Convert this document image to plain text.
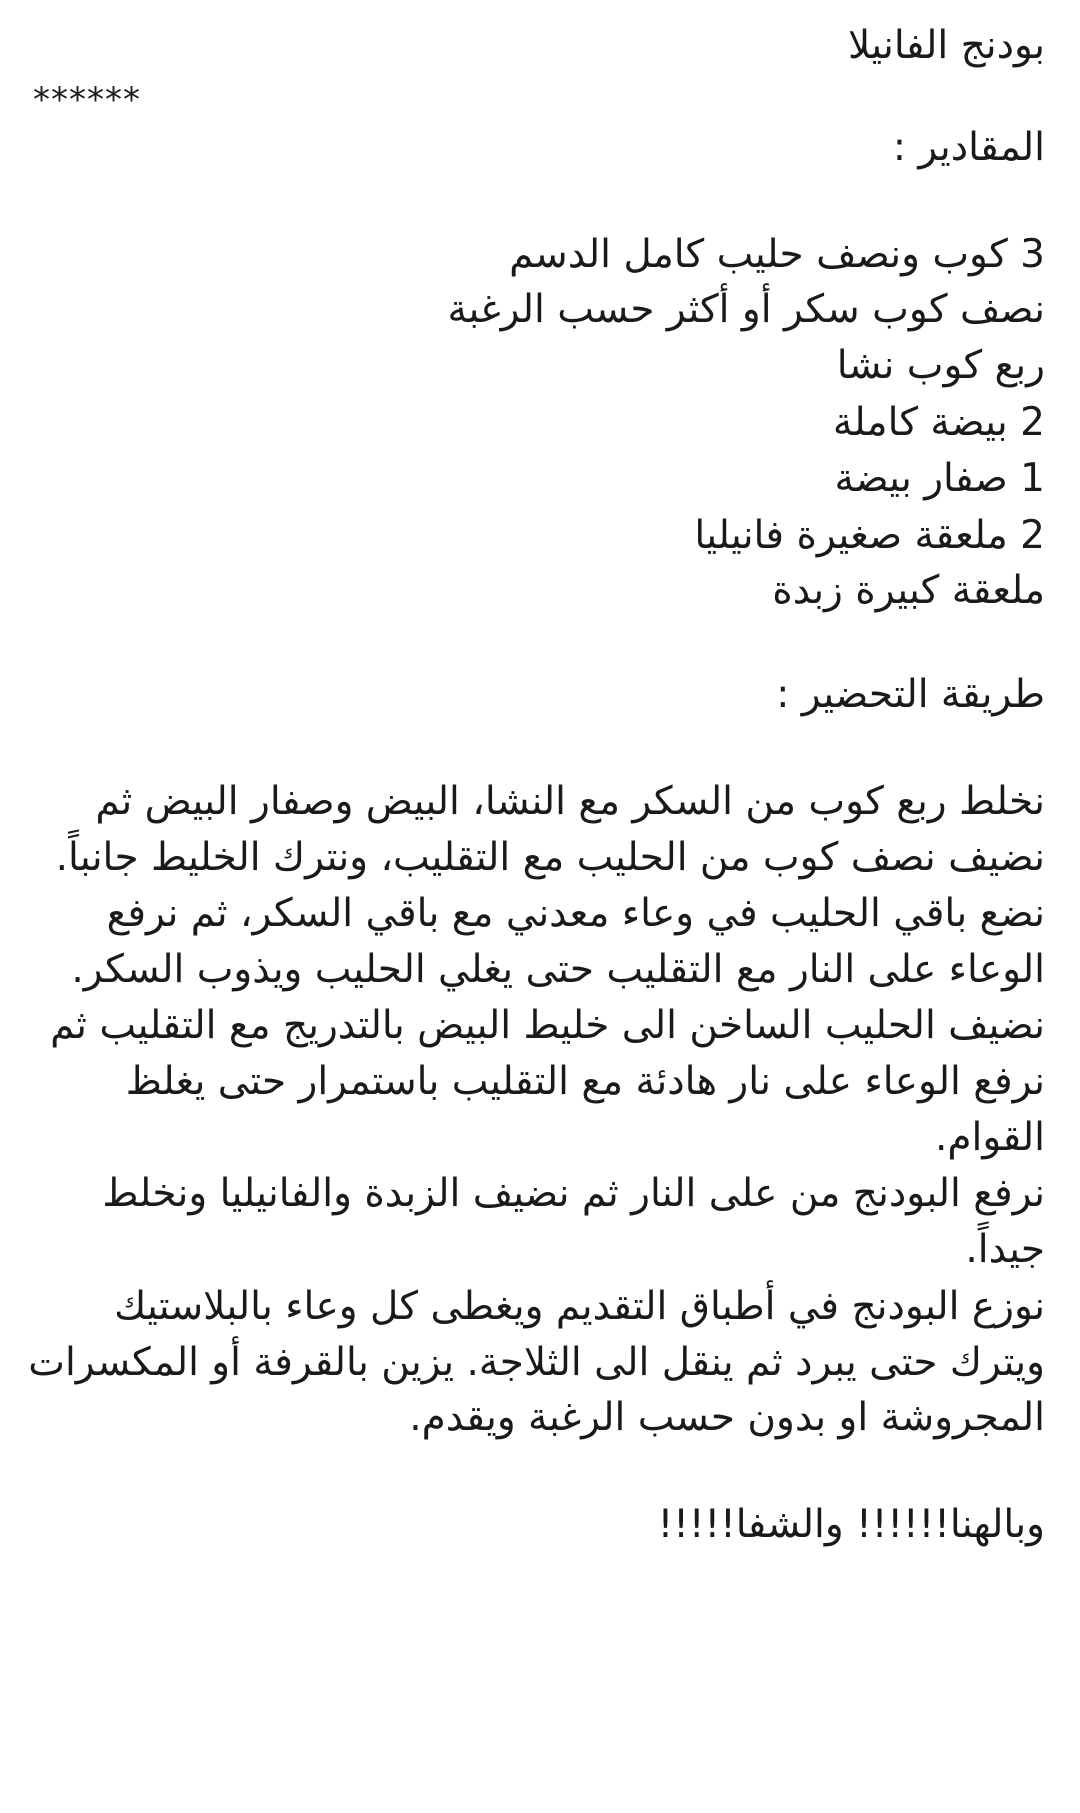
بودنج الفانيلا
******
المقادير :
3 كوب ونصف حليب كامل الدسم
نصف كوب سكر أو أكثر حسب الرغبة
ربع كوب نشا
2 بيضة كاملة
1 صفار بيضة
2 ملعقة صغيرة فانيليا
ملعقة كبيرة زبدة
طريقة التحضير :
نخلط ربع كوب من السكر مع النشا، البيض وصفار البيض ثم
نضيف نصف كوب من الحليب مع التقليب، ونترك الخليط جانباً.
نضع باقي الحليب في وعاء معدني مع باقي السكر، ثم نرفع
الوعاء على النار مع التقليب حتى يغلي الحليب ويذوب السكر.
نضيف الحليب الساخن الى خليط البيض بالتدريج مع التقليب ثم
نرفع الوعاء على نار هادئة مع التقليب باستمرار حتى يغلظ
القوام.
نرفع البودنج من على النار ثم نضيف الزبدة والفانيليا ونخلط
جيداً.
نوزع البودنج في أطباق التقديم ويغطى كل وعاء بالبلاستيك
ويترك حتى يبرد ثم ينقل الى الثلاجة. يزين بالقرفة أو المكسرات
المجروشة او بدون حسب الرغبة ويقدم.
وبالهنا!!!!!! والشفا!!!!!
